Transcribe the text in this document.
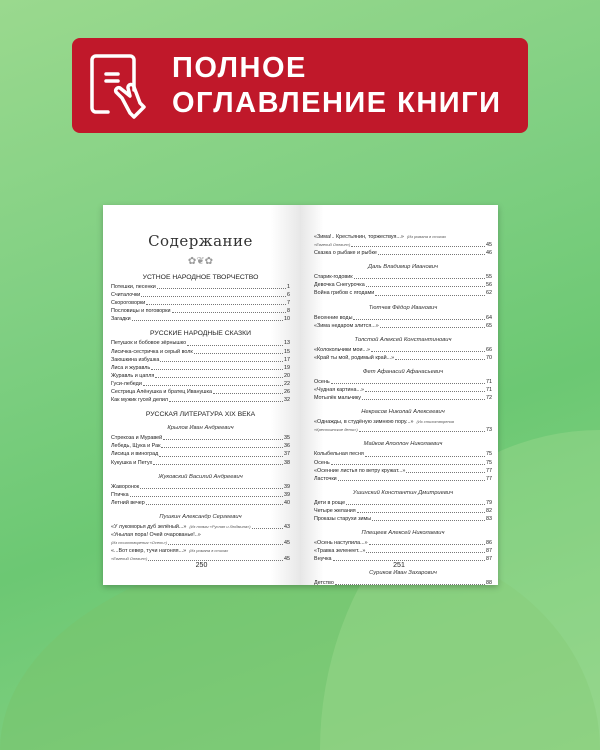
ПОЛНОЕ
ОГЛАВЛЕНИЕ КНИГИ
Содержание
✿❦✿
УСТНОЕ НАРОДНОЕ ТВОРЧЕСТВО
Потешки, песенки	1
Считалочки	6
Скороговорки	7
Пословицы и поговорки	8
Загадки	10
РУССКИЕ НАРОДНЫЕ СКАЗКИ
Петушок и бобовое зёрнышко	13
Лисичка-сестричка и серый волк	15
Заюшкина избушка	17
Лиса и журавль	19
Журавль и цапля	20
Гуси-лебеди	22
Сестрица Алёнушка и братец Иванушка	26
Как мужик гусей делил	32
РУССКАЯ ЛИТЕРАТУРА XIX ВЕКА
Крылов Иван Андреевич
Стрекоза и Муравей	35
Лебедь, Щука и Рак	36
Лисица и виноград	37
Кукушка и Петух	38
Жуковский Василий Андреевич
Жаворонок	39
Птичка	39
Летний вечер	40
Пушкин Александр Сергеевич
«У лукоморья дуб зелёный...» (Из поэмы «Руслан и Людмила»)	43
«Унылая пора! Очей очарованье!..»
(Из стихотворения «Осень»)	45
«...Вот север, тучи нагоняя...» (Из романа в стихах
«Евгений Онегин»)	45
250
«Зима!.. Крестьянин, торжествуя...» (Из романа в стихах
«Евгений Онегин»)	45
Сказка о рыбаке и рыбке	46
Даль Владимир Иванович
Старик-годовик	55
Девочка Снегурочка	56
Война грибов с ягодами	62
Тютчев Фёдор Иванович
Весенние воды	64
«Зима недаром злится...»	65
Толстой Алексей Константинович
«Колокольчики мои...»	66
«Край ты мой, родимый край...»	70
Фет Афанасий Афанасьевич
Осень	71
«Чудная картина...»	71
Мотылёк мальчику	72
Некрасов Николай Алексеевич
«Однажды, в студёную зимнюю пору...» (Из стихотворения
«Крестьянские дети»)	73
Майков Аполлон Николаевич
Колыбельная песня	75
Осень	75
«Осенние листья по ветру кружат...»	77
Ласточки	77
Ушинский Константин Дмитриевич
Дети в роще	79
Четыре желания	82
Проказы старухи зимы	83
Плещеев Алексей Николаевич
«Осень наступила...»	86
«Травка зеленеет...»	87
Внучка	87
Суриков Иван Захарович
Детство	88
251
